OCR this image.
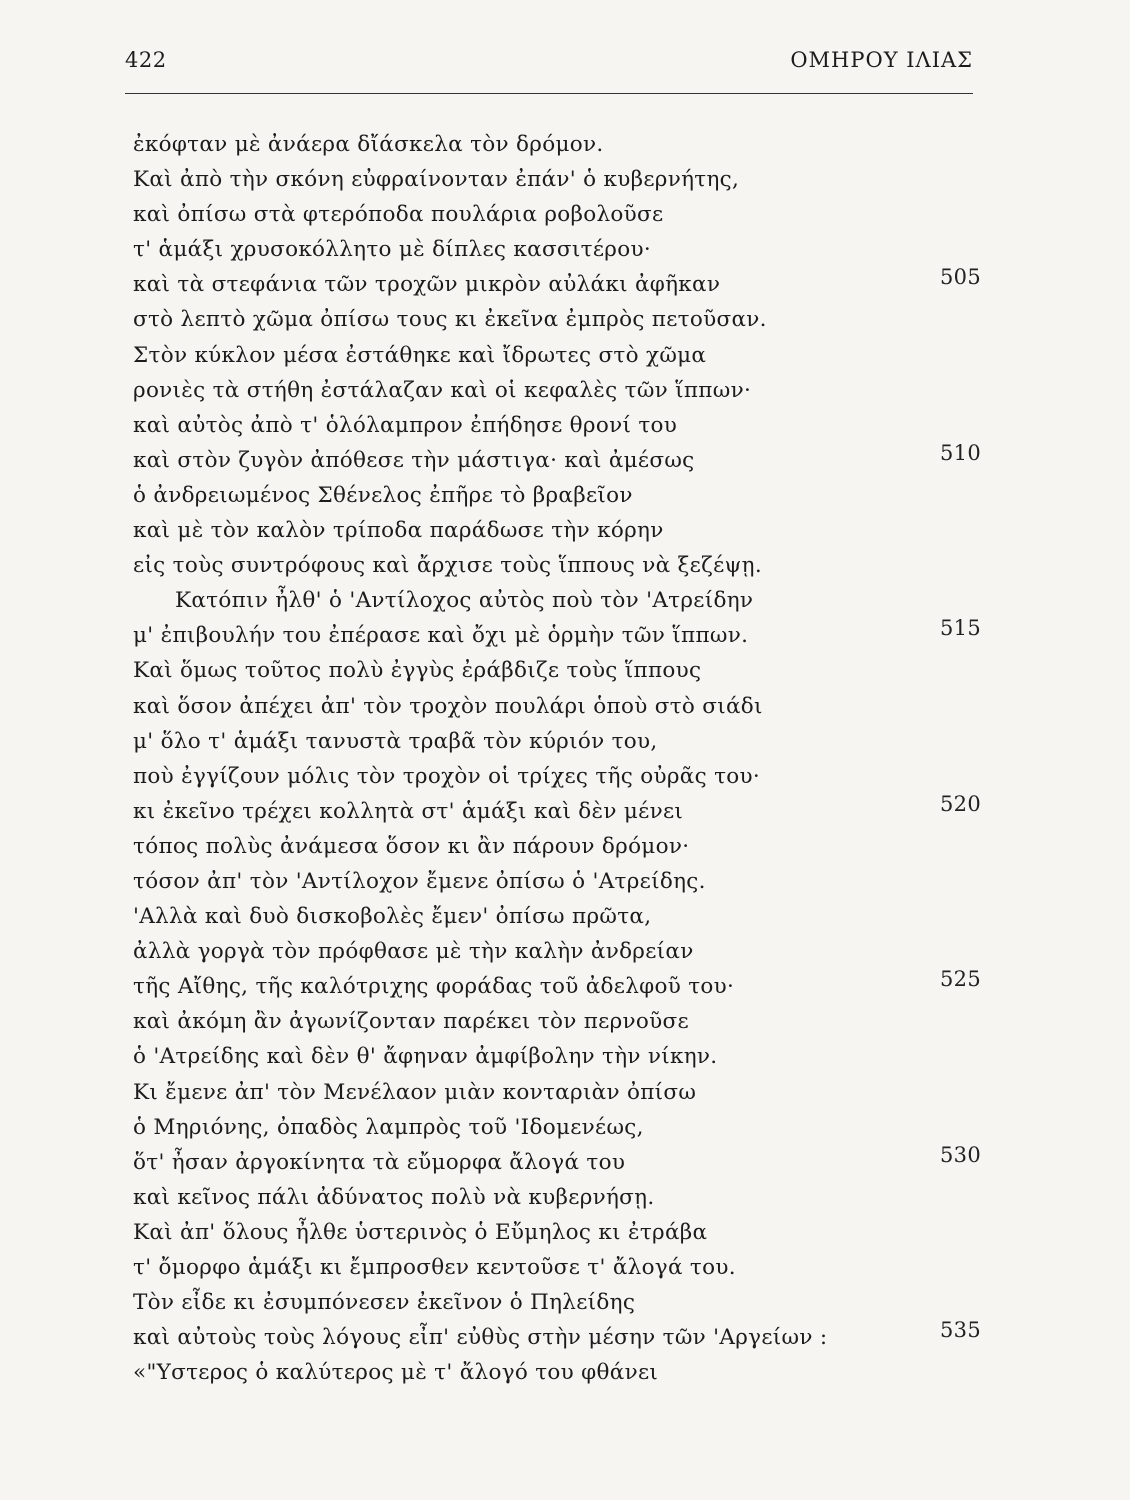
422	ΟΜΗΡΟΥ ΙΛΙΑΣ
ἐκόφταν μὲ ἀνάερα δἴάσκελα τὸν δρόμον.
Καὶ ἀπὸ τὴν σκόνη εὐφραίνονταν ἐπάν' ὁ κυβερνήτης,
καὶ ὀπίσω στὰ φτερόποδα πουλάρια ροβολοῦσε
τ' ἁμάξι χρυσοκόλλητο μὲ δίπλες κασσιτέρου·
καὶ τὰ στεφάνια τῶν τροχῶν μικρὸν αὐλάκι ἀφῆκαν	505
στὸ λεπτὸ χῶμα ὀπίσω τους κι ἐκεῖνα ἐμπρὸς πετοῦσαν.
Στὸν κύκλον μέσα ἐστάθηκε καὶ ἴδρωτες στὸ χῶμα
ρονιὲς τὰ στήθη ἐστάλαζαν καὶ οἱ κεφαλὲς τῶν ἵππων·
καὶ αὐτὸς ἀπὸ τ' ὁλόλαμπρον ἐπήδησε θρονί του
καὶ στὸν ζυγὸν ἀπόθεσε τὴν μάστιγα· καὶ ἀμέσως	510
ὁ ἀνδρειωμένος Σθένελος ἐπῆρε τὸ βραβεῖον
καὶ μὲ τὸν καλὸν τρίποδα παράδωσε τὴν κόρην
εἰς τοὺς συντρόφους καὶ ἄρχισε τοὺς ἵππους νὰ ξεζέψῃ.
Κατόπιν ἦλθ' ὁ 'Αντίλοχος αὐτὸς ποὺ τὸν 'Ατρείδην
μ' ἐπιβουλήν του ἐπέρασε καὶ ὄχι μὲ ὁρμὴν τῶν ἵππων.	515
Καὶ ὅμως τοῦτος πολὺ ἐγγὺς ἐράβδιζε τοὺς ἵππους
καὶ ὅσον ἀπέχει ἀπ' τὸν τροχὸν πουλάρι ὁποὺ στὸ σιάδι
μ' ὅλο τ' ἁμάξι τανυστὰ τραβᾶ τὸν κύριόν του,
ποὺ ἐγγίζουν μόλις τὸν τροχὸν οἱ τρίχες τῆς οὐρᾶς του·
κι ἐκεῖνο τρέχει κολλητὰ στ' ἁμάξι καὶ δὲν μένει	520
τόπος πολὺς ἀνάμεσα ὅσον κι ἂν πάρουν δρόμον·
τόσον ἀπ' τὸν 'Αντίλοχον ἔμενε ὀπίσω ὁ 'Ατρείδης.
'Αλλὰ καὶ δυὸ δισκοβολὲς ἔμεν' ὀπίσω πρῶτα,
ἀλλὰ γοργὰ τὸν πρόφθασε μὲ τὴν καλὴν ἀνδρείαν
τῆς Αἴθης, τῆς καλότριχης φοράδας τοῦ ἀδελφοῦ του·	525
καὶ ἀκόμη ἂν ἀγωνίζονταν παρέκει τὸν περνοῦσε
ὁ 'Ατρείδης καὶ δὲν θ' ἄφηναν ἀμφίβολην τὴν νίκην.
Κι ἔμενε ἀπ' τὸν Μενέλαον μιὰν κονταριὰν ὀπίσω
ὁ Μηριόνης, ὀπαδὸς λαμπρὸς τοῦ 'Ιδομενέως,
ὅτ' ἦσαν ἀργοκίνητα τὰ εὔμορφα ἄλογά του	530
καὶ κεῖνος πάλι ἀδύνατος πολὺ νὰ κυβερνήσῃ.
Καὶ ἀπ' ὅλους ἦλθε ὑστερινὸς ὁ Εὔμηλος κι ἐτράβα
τ' ὄμορφο ἁμάξι κι ἔμπροσθεν κεντοῦσε τ' ἄλογά του.
Τὸν εἶδε κι ἐσυμπόνεσεν ἐκεῖνον ὁ Πηλείδης
καὶ αὐτοὺς τοὺς λόγους εἶπ' εὐθὺς στὴν μέσην τῶν 'Αργείων :	535
«"Υστερος ὁ καλύτερος μὲ τ' ἄλογό του φθάνει
